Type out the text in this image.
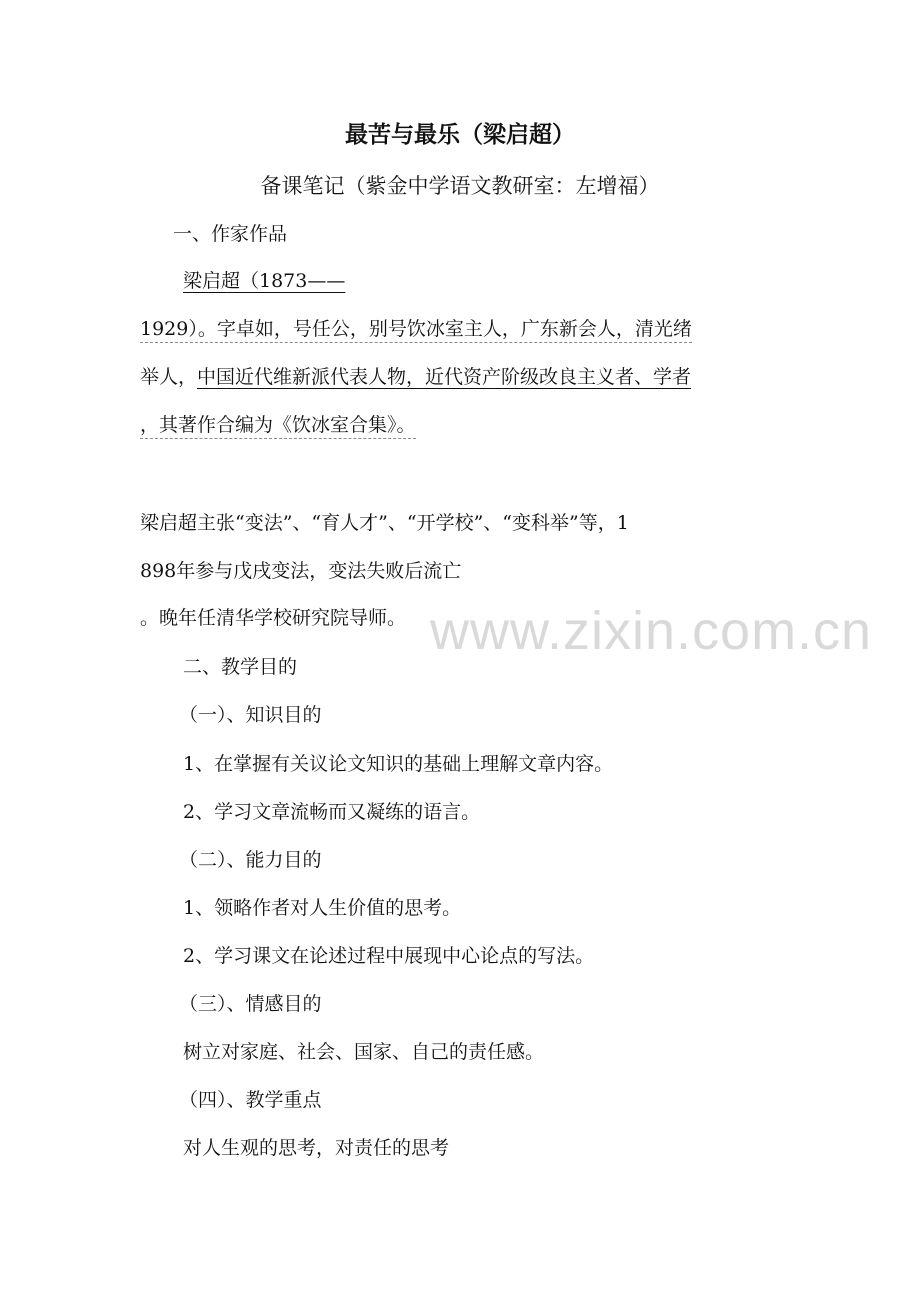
最苦与最乐（梁启超）
备课笔记（紫金中学语文教研室：左增福）
一、作家作品
梁启超（1873——
1929）。字卓如，号任公，别号饮冰室主人，广东新会人，清光绪
举人，中国近代维新派代表人物，近代资产阶级改良主义者、学者
，其著作合编为《饮冰室合集》。
梁启超主张“变法”、“育人才”、“开学校”、“变科举”等，1
898年参与戊戌变法，变法失败后流亡
。晚年任清华学校研究院导师。
二、教学目的
（一）、知识目的
1、在掌握有关议论文知识的基础上理解文章内容。
2、学习文章流畅而又凝练的语言。
（二）、能力目的
1、领略作者对人生价值的思考。
2、学习课文在论述过程中展现中心论点的写法。
（三）、情感目的
树立对家庭、社会、国家、自己的责任感。
（四）、教学重点
对人生观的思考，对责任的思考
www.zixin.com.cn
